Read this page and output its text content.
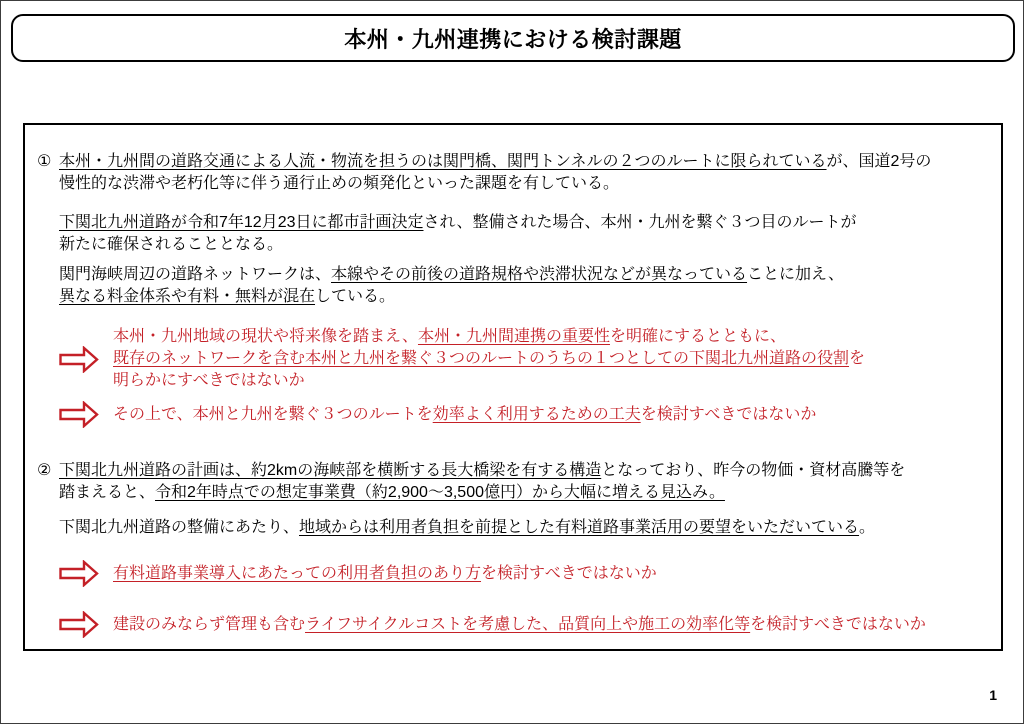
本州・九州連携における検討課題
① 本州・九州間の道路交通による人流・物流を担うのは関門橋、関門トンネルの２つのルートに限られているが、国道2号の
慢性的な渋滞や老朽化等に伴う通行止めの頻発化といった課題を有している。
下関北九州道路が令和7年12月23日に都市計画決定され、整備された場合、本州・九州を繋ぐ３つ目のルートが
新たに確保されることとなる。
関門海峡周辺の道路ネットワークは、本線やその前後の道路規格や渋滞状況などが異なっていることに加え、
異なる料金体系や有料・無料が混在している。
本州・九州地域の現状や将来像を踏まえ、本州・九州間連携の重要性を明確にするとともに、
既存のネットワークを含む本州と九州を繋ぐ３つのルートのうちの１つとしての下関北九州道路の役割を
明らかにすべきではないか
その上で、本州と九州を繋ぐ３つのルートを効率よく利用するための工夫を検討すべきではないか
② 下関北九州道路の計画は、約2kmの海峡部を横断する長大橋梁を有する構造となっており、昨今の物価・資材高騰等を
踏まえると、令和2年時点での想定事業費（約2,900～3,500億円）から大幅に増える見込み。
下関北九州道路の整備にあたり、地域からは利用者負担を前提とした有料道路事業活用の要望をいただいている。
有料道路事業導入にあたっての利用者負担のあり方を検討すべきではないか
建設のみならず管理も含むライフサイクルコストを考慮した、品質向上や施工の効率化等を検討すべきではないか
1
